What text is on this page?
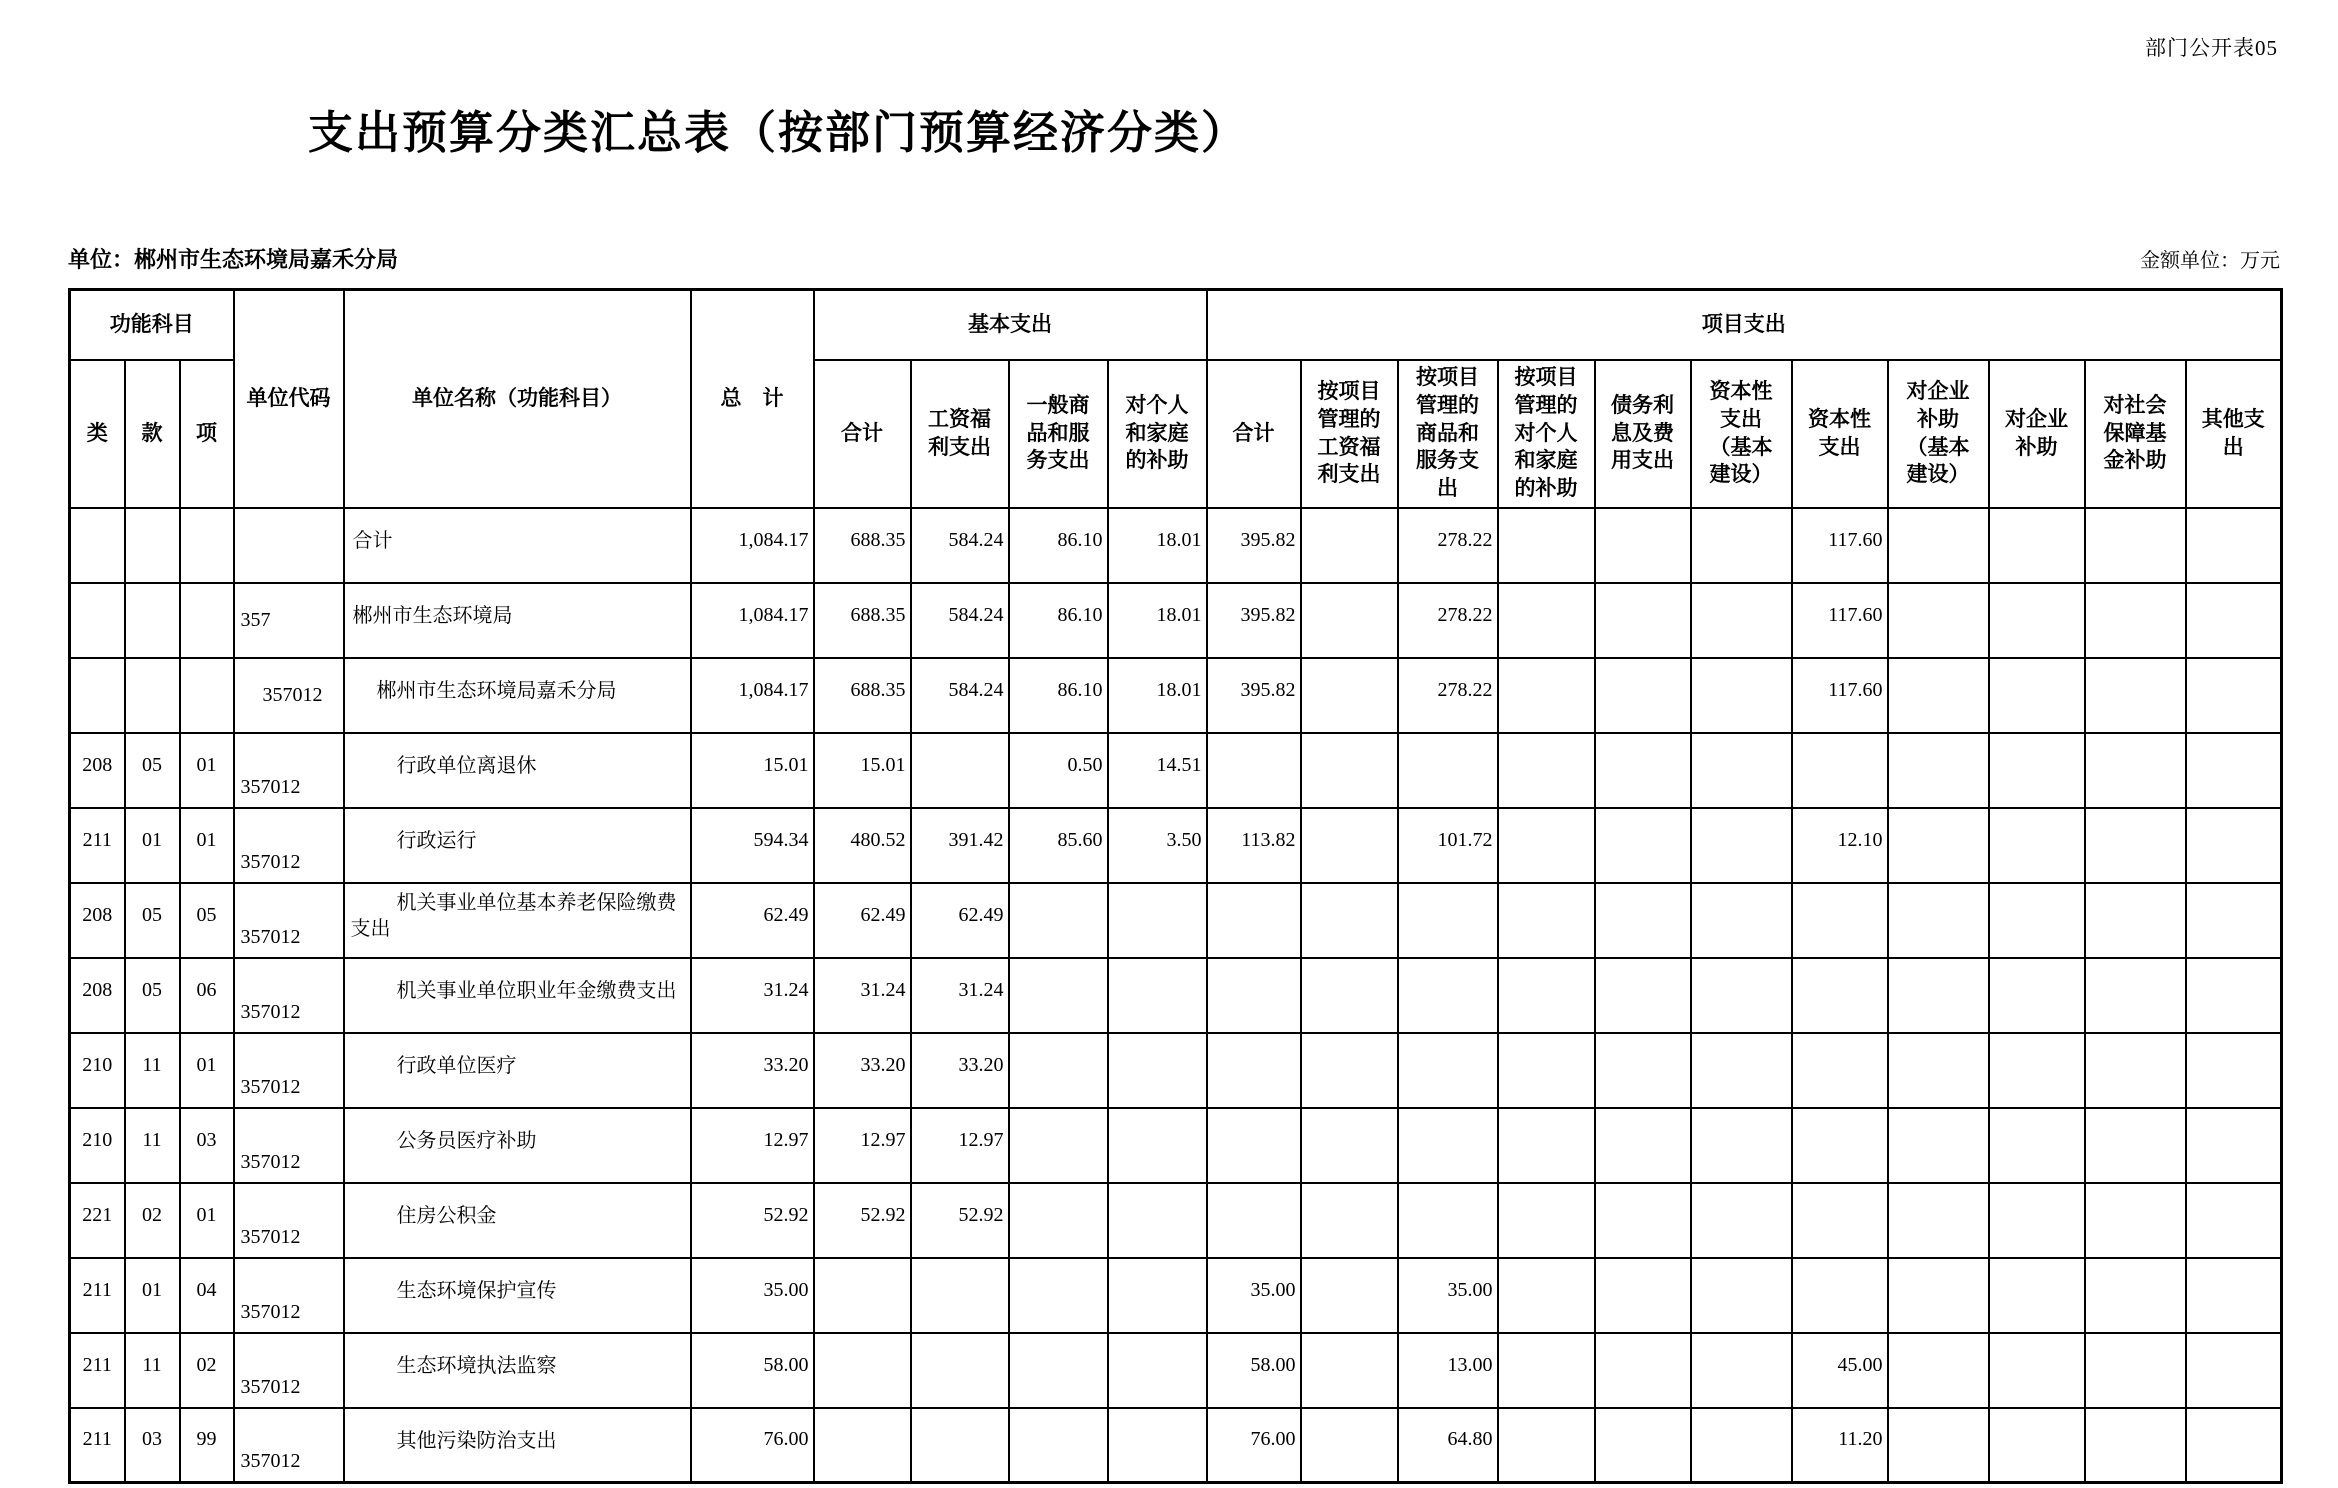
部门公开表05
支出预算分类汇总表（按部门预算经济分类）
单位：郴州市生态环境局嘉禾分局	金额单位：万元
功能科目			单位代码	单位名称（功能科目）	总　计	基本支出				项目支出										
类	款	项				合计	工资福利支出	一般商品和服务支出	对个人和家庭的补助	合计	按项目管理的工资福利支出	按项目管理的商品和服务支出	按项目管理的对个人和家庭的补助	债务利息及费用支出	资本性支出（基本建设）	资本性支出	对企业补助（基本建设）	对企业补助	对社会保障基金补助	其他支出
				合计	1,084.17	688.35	584.24	86.10	18.01	395.82		278.22				117.60				
			357	郴州市生态环境局	1,084.17	688.35	584.24	86.10	18.01	395.82		278.22				117.60				
			357012	郴州市生态环境局嘉禾分局	1,084.17	688.35	584.24	86.10	18.01	395.82		278.22				117.60				
208	05	01	357012	行政单位离退休	15.01	15.01		0.50	14.51											
211	01	01	357012	行政运行	594.34	480.52	391.42	85.60	3.50	113.82		101.72				12.10				
208	05	05	357012	机关事业单位基本养老保险缴费支出	62.49	62.49	62.49													
208	05	06	357012	机关事业单位职业年金缴费支出	31.24	31.24	31.24													
210	11	01	357012	行政单位医疗	33.20	33.20	33.20													
210	11	03	357012	公务员医疗补助	12.97	12.97	12.97													
221	02	01	357012	住房公积金	52.92	52.92	52.92													
211	01	04	357012	生态环境保护宣传	35.00					35.00		35.00								
211	11	02	357012	生态环境执法监察	58.00					58.00		13.00				45.00				
211	03	99	357012	其他污染防治支出	76.00					76.00		64.80				11.20				
